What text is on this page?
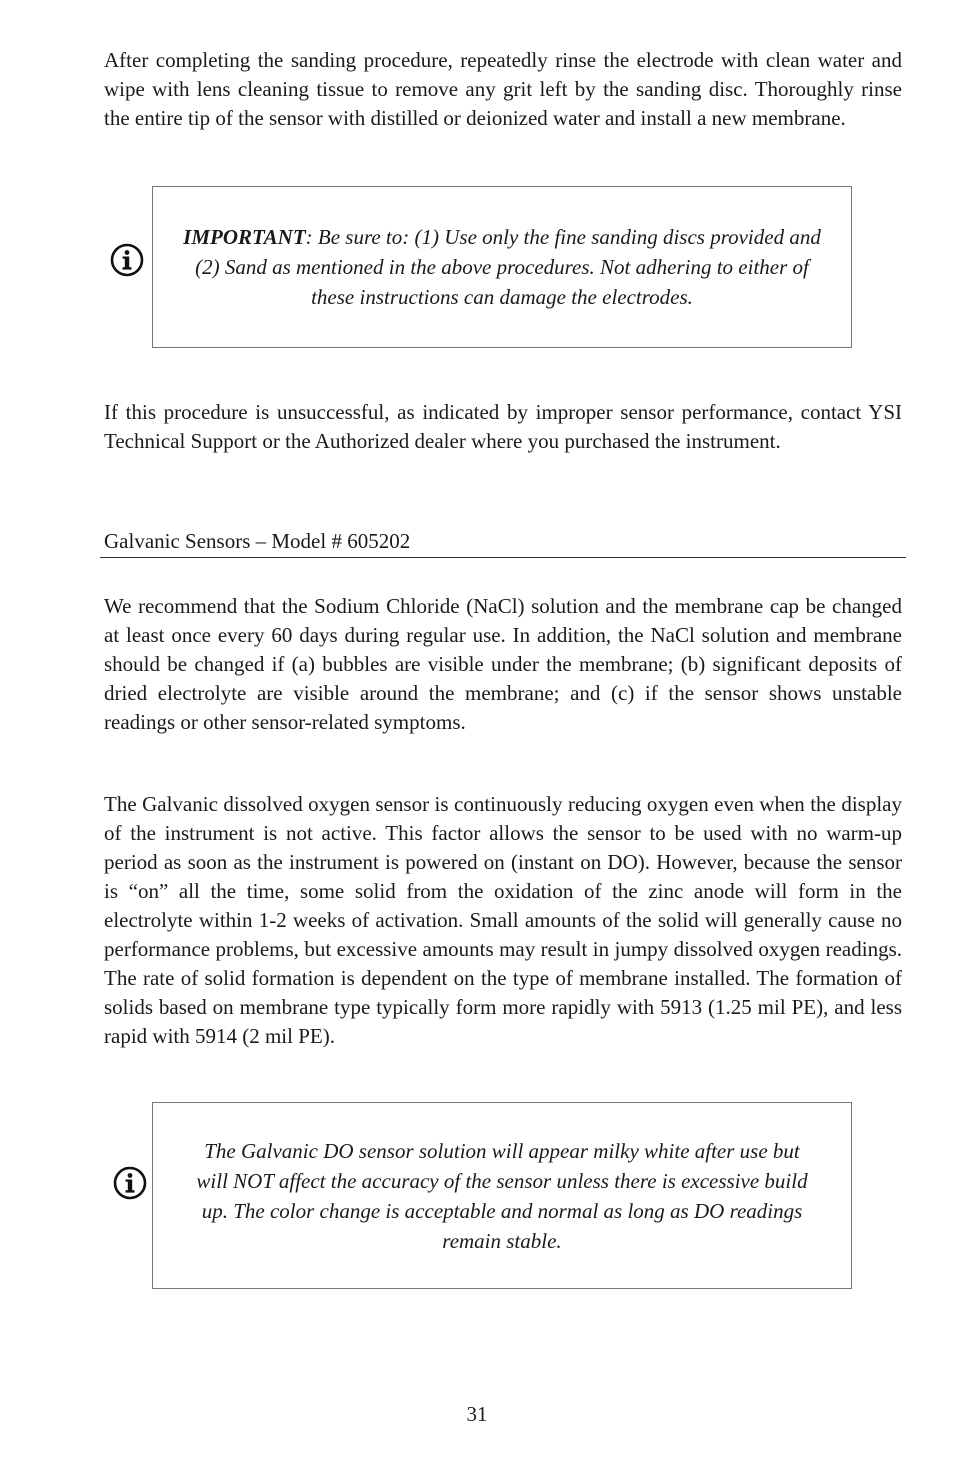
After completing the sanding procedure, repeatedly rinse the electrode with clean water and wipe with lens cleaning tissue to remove any grit left by the sanding disc. Thoroughly rinse the entire tip of the sensor with distilled or deionized water and install a new membrane.

IMPORTANT: Be sure to: (1) Use only the fine sanding discs provided and (2) Sand as mentioned in the above procedures. Not adhering to either of these instructions can damage the electrodes.

If this procedure is unsuccessful, as indicated by improper sensor performance, contact YSI Technical Support or the Authorized dealer where you purchased the instrument.

Galvanic Sensors – Model # 605202

We recommend that the Sodium Chloride (NaCl) solution and the membrane cap be changed at least once every 60 days during regular use. In addition, the NaCl solution and membrane should be changed if (a) bubbles are visible under the membrane; (b) significant deposits of dried electrolyte are visible around the membrane; and (c) if the sensor shows unstable readings or other sensor-related symptoms.

The Galvanic dissolved oxygen sensor is continuously reducing oxygen even when the display of the instrument is not active. This factor allows the sensor to be used with no warm-up period as soon as the instrument is powered on (instant on DO). However, because the sensor is “on” all the time, some solid from the oxidation of the zinc anode will form in the electrolyte within 1-2 weeks of activation. Small amounts of the solid will generally cause no performance problems, but excessive amounts may result in jumpy dissolved oxygen readings. The rate of solid formation is dependent on the type of membrane installed. The formation of solids based on membrane type typically form more rapidly with 5913 (1.25 mil PE), and less rapid with 5914 (2 mil PE).

The Galvanic DO sensor solution will appear milky white after use but will NOT affect the accuracy of the sensor unless there is excessive build up. The color change is acceptable and normal as long as DO readings remain stable.

31
